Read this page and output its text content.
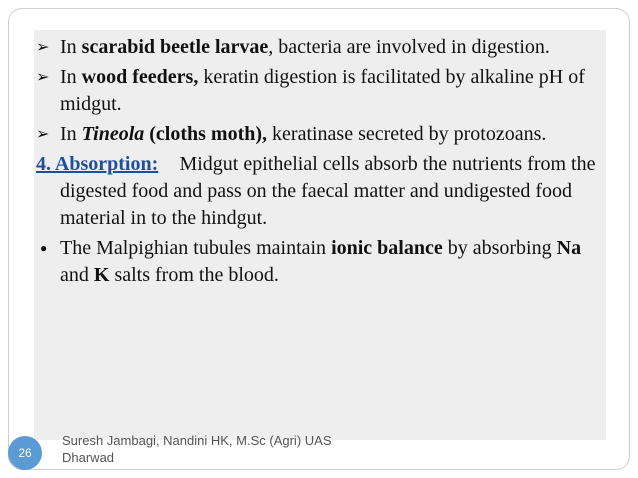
➢ In scarabid beetle larvae, bacteria are involved in digestion.
➢ In wood feeders, keratin digestion is facilitated by alkaline pH of midgut.
➢ In Tineola (cloths moth), keratinase secreted by protozoans.
4. Absorption: Midgut epithelial cells absorb the nutrients from the digested food and pass on the faecal matter and undigested food material in to the hindgut.
● The Malpighian tubules maintain ionic balance by absorbing Na and K salts from the blood.
26
Suresh Jambagi, Nandini HK, M.Sc (Agri) UAS Dharwad
